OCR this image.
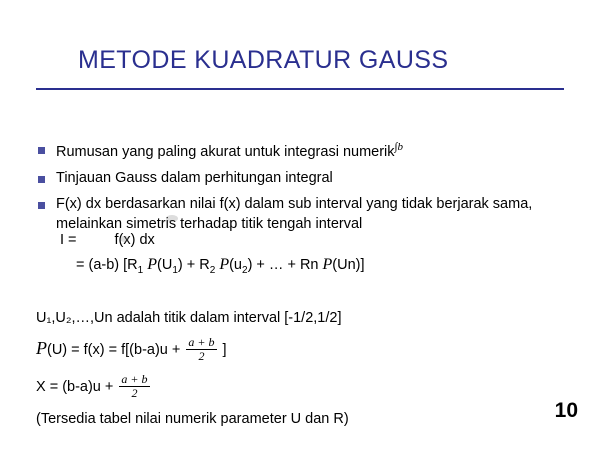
METODE KUADRATUR GAUSS
Rumusan yang paling akurat untuk integrasi numerik$^{\int b}$
Tinjauan Gauss dalam perhitungan integral
F(x) dx berdasarkan nilai f(x) dalam sub interval yang tidak berjarak sama, melainkan simetris terhadap titik tengah interval
I =	f(x) dx
= (a-b) [$R_1$ $P(U_1) + R_2$ $P(u_2)$ + … + Rn P(Un)]
U₁,U₂,…,Un adalah titik dalam interval [-1/2,1/2]
$P(U) = f(x) = f[(b-a)u + \frac{a + b}{2}$ ]
$X = (b-a)u + \frac{a + b}{2}$
(Tersedia tabel nilai numerik parameter U dan R)	10
